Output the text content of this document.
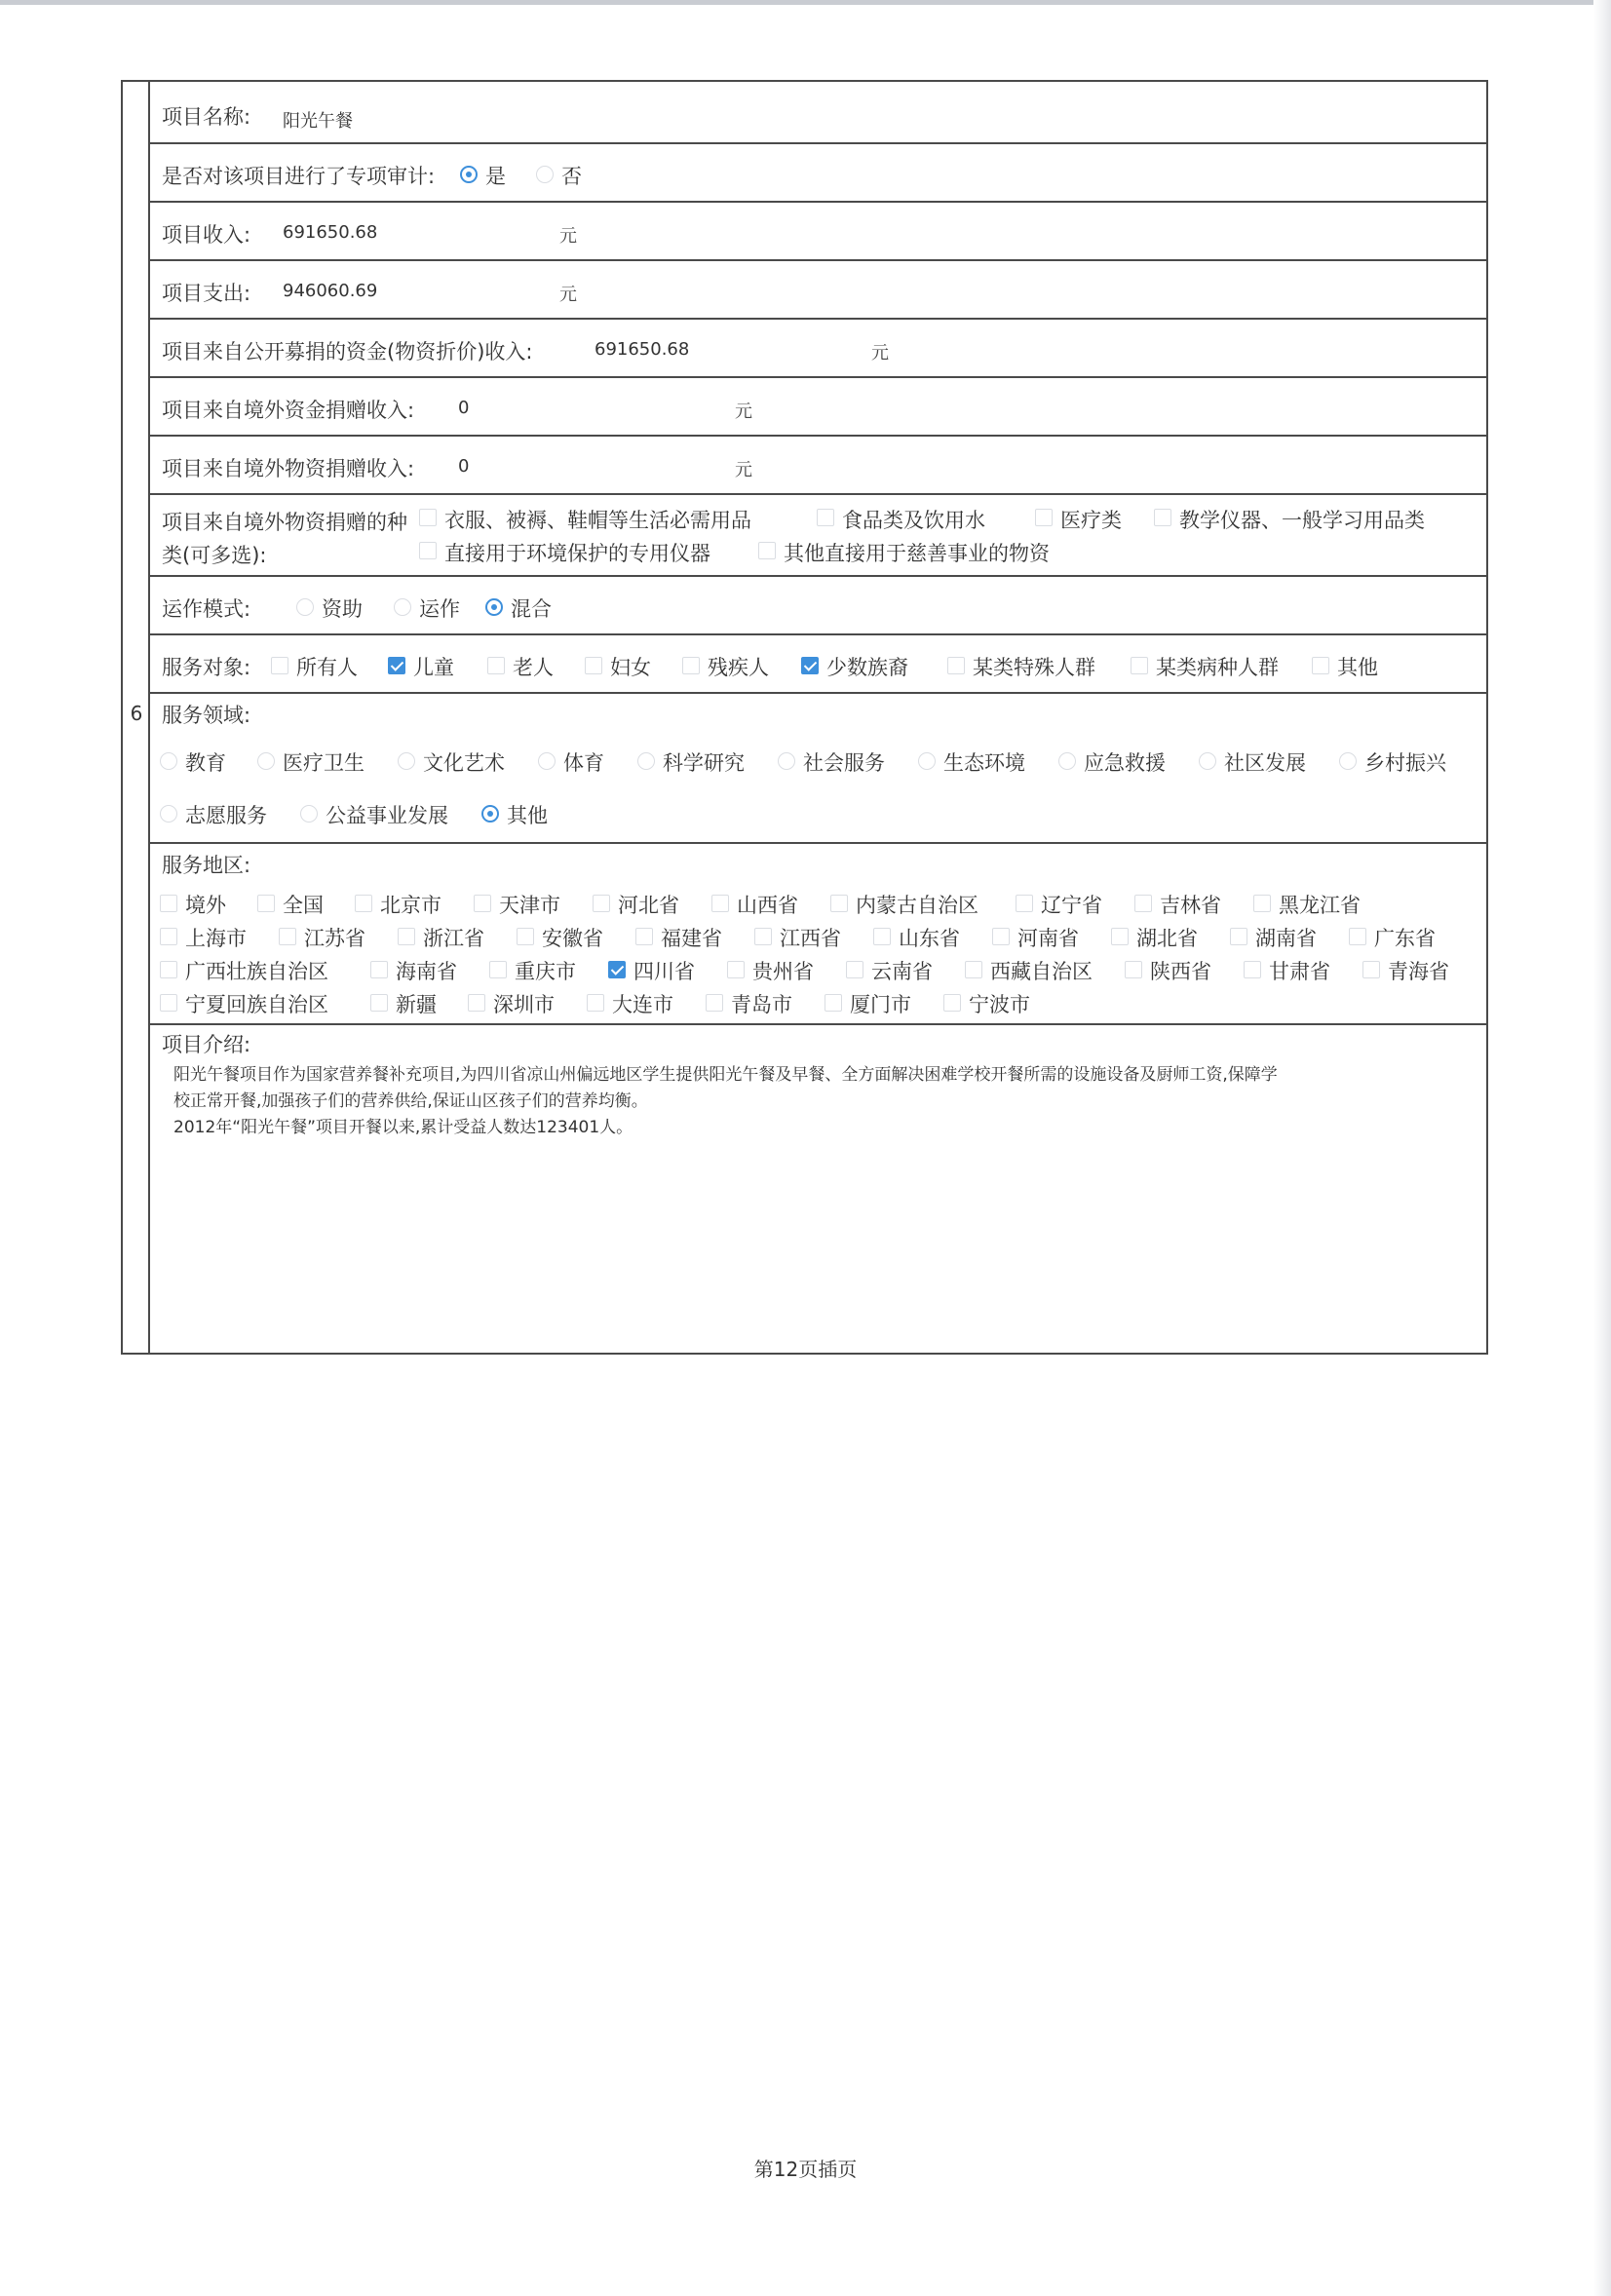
6
项目名称: 阳光午餐
是否对该项目进行了专项审计: 是	否
项目收入: 691650.68	元
项目支出: 946060.69	元
项目来自公开募捐的资金(物资折价)收入:	691650.68	元
项目来自境外资金捐赠收入: 0	元
项目来自境外物资捐赠收入: 0	元
项目来自境外物资捐赠的种
类(可多选):
衣服、被褥、鞋帽等生活必需用品	食品类及饮用水	医疗类	教学仪器、一般学习用品类
直接用于环境保护的专用仪器	其他直接用于慈善事业的物资
运作模式:	资助	运作 混合
服务对象: 所有人	儿童	老人	妇女	残疾人	少数族裔	某类特殊人群	某类病种人群	其他
服务领域:
教育	医疗卫生	文化艺术	体育	科学研究	社会服务	生态环境	应急救援	社区发展	乡村振兴
志愿服务	公益事业发展	其他
服务地区:
境外	全国	北京市	天津市	河北省	山西省	内蒙古自治区	辽宁省	吉林省	黑龙江省
上海市	江苏省	浙江省	安徽省	福建省	江西省	山东省	河南省	湖北省	湖南省	广东省
广西壮族自治区	海南省	重庆市	四川省	贵州省	云南省	西藏自治区	陕西省	甘肃省	青海省
宁夏回族自治区	新疆	深圳市	大连市	青岛市	厦门市	宁波市
项目介绍:

阳光午餐项目作为国家营养餐补充项目,为四川省凉山州偏远地区学生提供阳光午餐及早餐、全方面解决困难学校开餐所需的设施设备及厨师工资,保障学

校正常开餐,加强孩子们的营养供给,保证山区孩子们的营养均衡。

2012年“阳光午餐”项目开餐以来,累计受益人数达123401人。

第12页插页
